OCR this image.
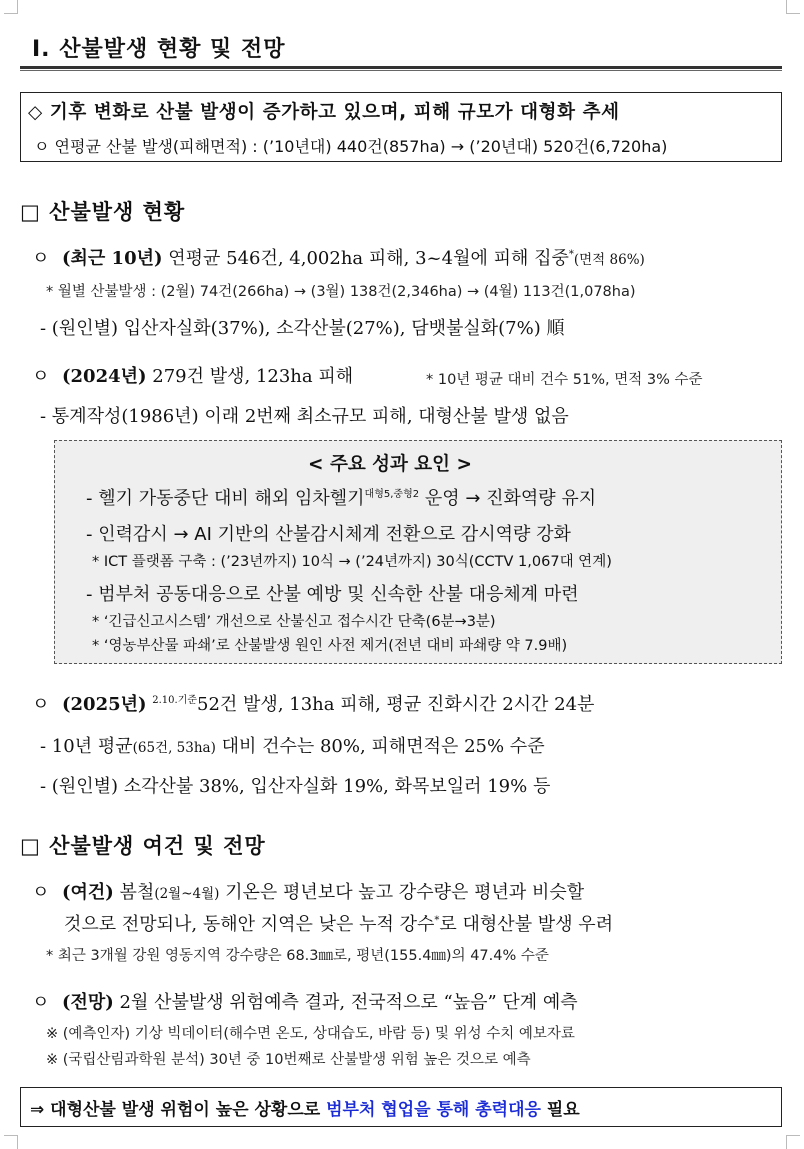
Ⅰ. 산불발생 현황 및 전망
◇ 기후 변화로 산불 발생이 증가하고 있으며, 피해 규모가 대형화 추세
ㅇ 연평균 산불 발생(피해면적) : (’10년대) 440건(857ha) → (’20년대) 520건(6,720ha)
□ 산불발생 현황
ㅇ (최근 10년) 연평균 546건, 4,002ha 피해, 3~4월에 피해 집중*(면적 86%)
* 월별 산불발생 : (2월) 74건(266ha) → (3월) 138건(2,346ha) → (4월) 113건(1,078ha)
- (원인별) 입산자실화(37%), 소각산불(27%), 담뱃불실화(7%) 順
ㅇ (2024년) 279건 발생, 123ha 피해	* 10년 평균 대비 건수 51%, 면적 3% 수준
- 통계작성(1986년) 이래 2번째 최소규모 피해, 대형산불 발생 없음
< 주요 성과 요인 >
- 헬기 가동중단 대비 해외 임차헬기$^{대형5,중형2}$ 운영 → 진화역량 유지
- 인력감시 → AI 기반의 산불감시체계 전환으로 감시역량 강화
* ICT 플랫폼 구축 : (’23년까지) 10식 → (’24년까지) 30식(CCTV 1,067대 연계)
- 범부처 공동대응으로 산불 예방 및 신속한 산불 대응체계 마련
* ‘긴급신고시스템’ 개선으로 산불신고 접수시간 단축(6분→3분)
* ‘영농부산물 파쇄’로 산불발생 원인 사전 제거(전년 대비 파쇄량 약 7.9배)
ㅇ (2025년) $^{2.10.기준}$52건 발생, 13ha 피해, 평균 진화시간 2시간 24분
- 10년 평균(65건, 53ha) 대비 건수는 80%, 피해면적은 25% 수준
- (원인별) 소각산불 38%, 입산자실화 19%, 화목보일러 19% 등
□ 산불발생 여건 및 전망
ㅇ (여건) 봄철(2월~4월) 기온은 평년보다 높고 강수량은 평년과 비슷할
것으로 전망되나, 동해안 지역은 낮은 누적 강수*로 대형산불 발생 우려
* 최근 3개월 강원 영동지역 강수량은 68.3㎜로, 평년(155.4㎜)의 47.4% 수준
ㅇ (전망) 2월 산불발생 위험예측 결과, 전국적으로 “높음” 단계 예측
※ (예측인자) 기상 빅데이터(해수면 온도, 상대습도, 바람 등) 및 위성 수치 예보자료
※ (국립산림과학원 분석) 30년 중 10번째로 산불발생 위험 높은 것으로 예측
⇒ 대형산불 발생 위험이 높은 상황으로 범부처 협업을 통해 총력대응 필요
